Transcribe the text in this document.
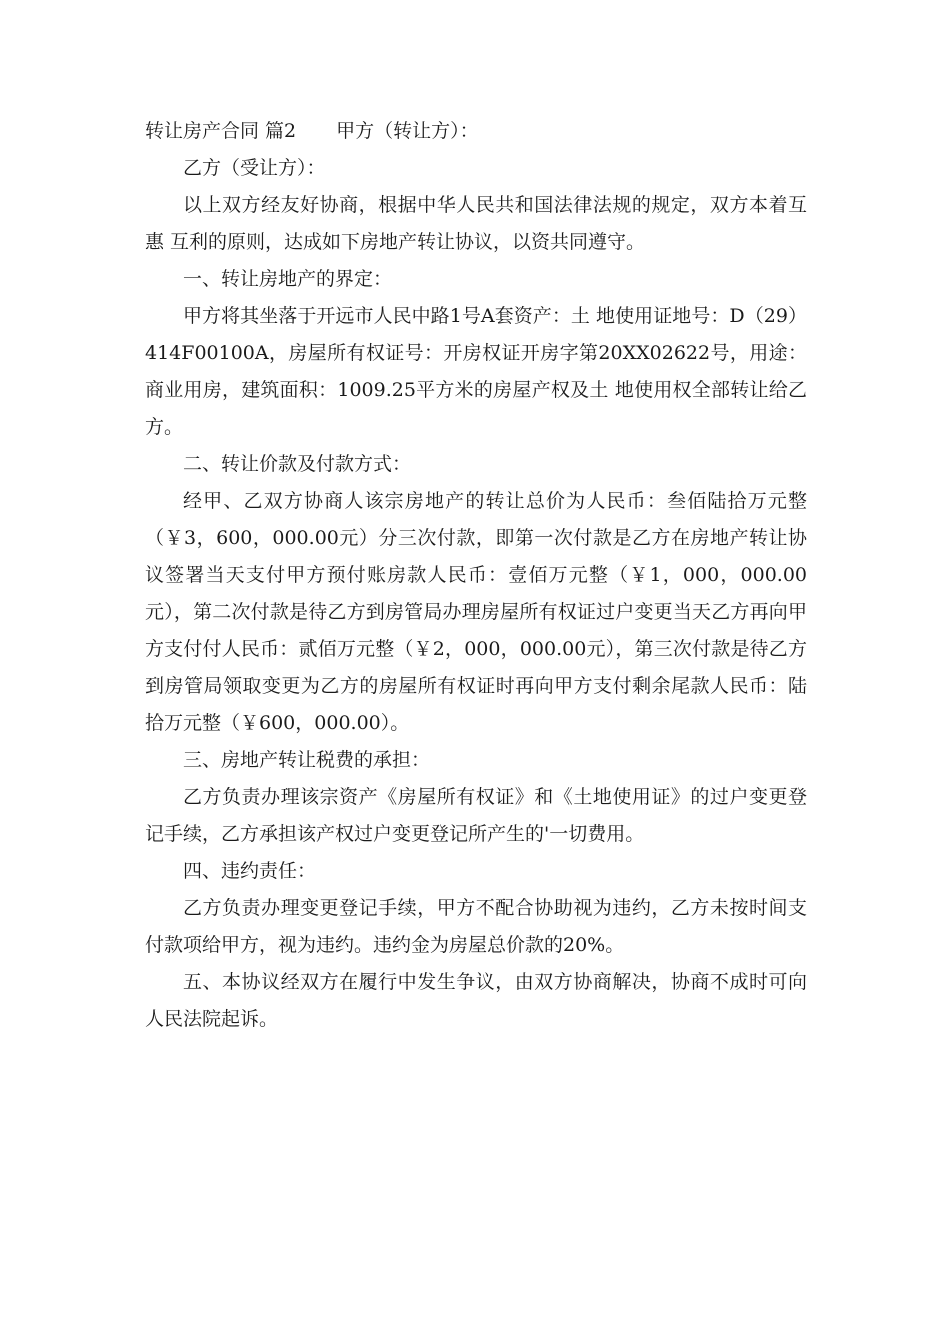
转让房产合同 篇2 甲方（转让方）：

乙方（受让方）：

以上双方经友好协商，根据中华人民共和国法律法规的规定，双方本着互惠 互利的原则，达成如下房地产转让协议，以资共同遵守。

一、转让房地产的界定：

甲方将其坐落于开远市人民中路1号A套资产：土 地使用证地号：D（29）414F00100A，房屋所有权证号：开房权证开房字第20XX02622号，用途：商业用房，建筑面积：1009.25平方米的房屋产权及土 地使用权全部转让给乙方。

二、转让价款及付款方式：

经甲、乙双方协商人该宗房地产的转让总价为人民币：叁佰陆拾万元整（￥3，600，000.00元）分三次付款，即第一次付款是乙方在房地产转让协议签署当天支付甲方预付账房款人民币：壹佰万元整（￥1，000，000.00元），第二次付款是待乙方到房管局办理房屋所有权证过户变更当天乙方再向甲方支付付人民币：贰佰万元整（￥2，000，000.00元），第三次付款是待乙方到房管局领取变更为乙方的房屋所有权证时再向甲方支付剩余尾款人民币：陆拾万元整（￥600，000.00）。

三、房地产转让税费的承担：

乙方负责办理该宗资产《房屋所有权证》和《土地使用证》的过户变更登记手续，乙方承担该产权过户变更登记所产生的'一切费用。

四、违约责任：

乙方负责办理变更登记手续，甲方不配合协助视为违约，乙方未按时间支付款项给甲方，视为违约。违约金为房屋总价款的20%。

五、本协议经双方在履行中发生争议，由双方协商解决，协商不成时可向人民法院起诉。
